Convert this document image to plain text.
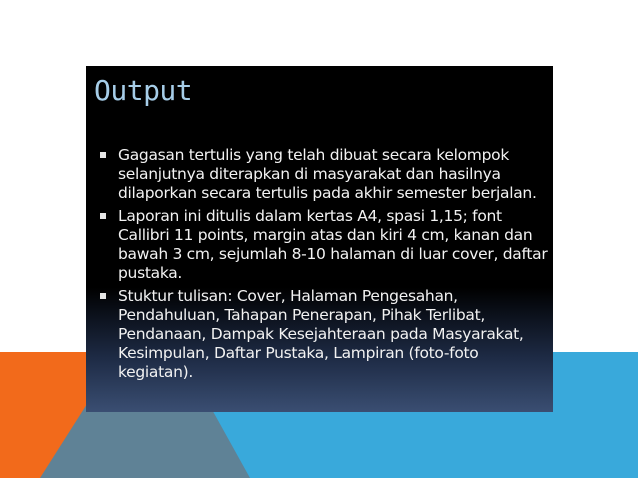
Output
Gagasan tertulis yang telah dibuat secara kelompok selanjutnya diterapkan di masyarakat dan hasilnya dilaporkan secara tertulis pada akhir semester berjalan.
Laporan ini ditulis dalam kertas A4, spasi 1,15; font Callibri 11 points, margin atas dan kiri 4 cm, kanan dan bawah 3 cm, sejumlah 8-10 halaman di luar cover, daftar pustaka.
Stuktur tulisan: Cover, Halaman Pengesahan, Pendahuluan, Tahapan Penerapan, Pihak Terlibat, Pendanaan, Dampak Kesejahteraan pada Masyarakat, Kesimpulan, Daftar Pustaka, Lampiran (foto-foto kegiatan).
